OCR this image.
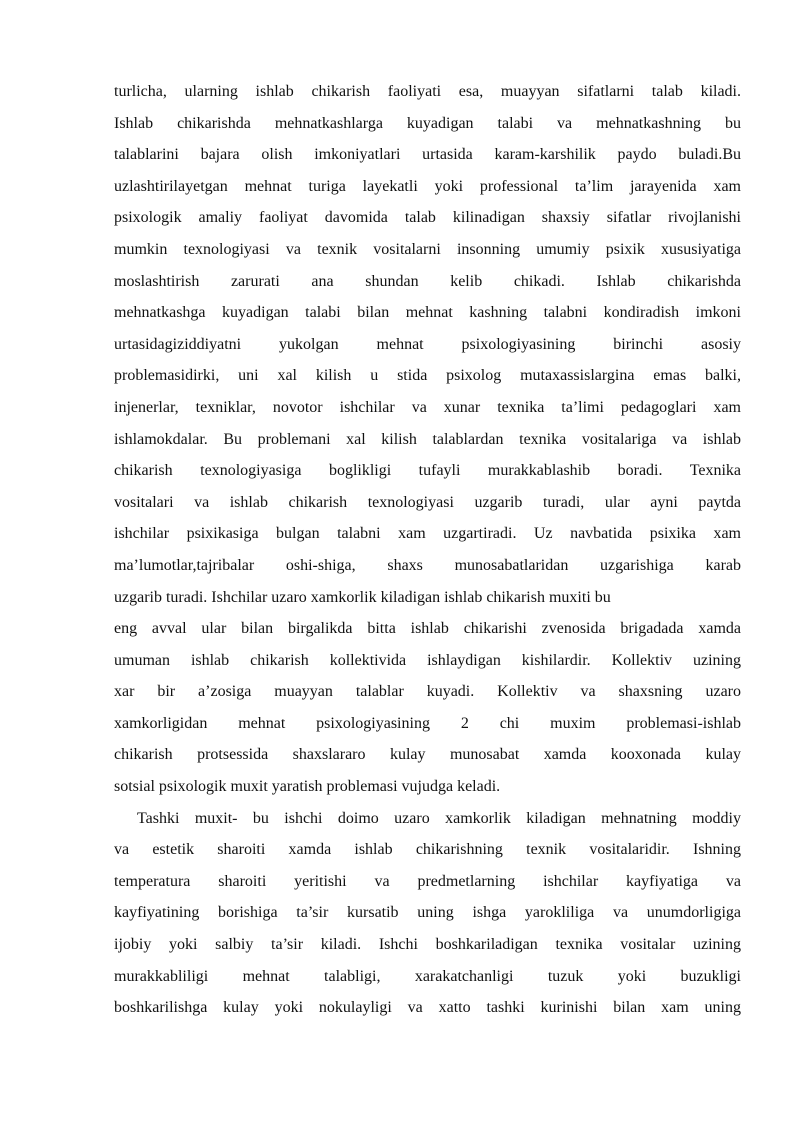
turlicha, ularning ishlab chikarish faoliyati esa, muayyan sifatlarni talab kiladi.
Ishlab chikarishda mehnatkashlarga kuyadigan talabi va mehnatkashning bu
talablarini bajara olish imkoniyatlari urtasida karam-karshilik paydo buladi.Bu
uzlashtirilayetgan mehnat turiga layekatli yoki professional ta’lim jarayenida xam
psixologik amaliy faoliyat davomida talab kilinadigan shaxsiy sifatlar rivojlanishi
mumkin texnologiyasi va texnik vositalarni insonning umumiy psixik xususiyatiga
moslashtirish zarurati ana shundan kelib chikadi. Ishlab chikarishda
mehnatkashga kuyadigan talabi bilan mehnat kashning talabni kondiradish imkoni
urtasidagiziddiyatni yukolgan mehnat psixologiyasining birinchi asosiy
problemasidirki, uni xal kilish u stida psixolog mutaxassislargina emas balki,
injenerlar, texniklar, novotor ishchilar va xunar texnika ta’limi pedagoglari xam
ishlamokdalar. Bu problemani xal kilish talablardan texnika vositalariga va ishlab
chikarish texnologiyasiga boglikligi tufayli murakkablashib boradi. Texnika
vositalari va ishlab chikarish texnologiyasi uzgarib turadi, ular ayni paytda
ishchilar psixikasiga bulgan talabni xam uzgartiradi. Uz navbatida psixika xam
ma’lumotlar,tajribalar oshi-shiga, shaxs munosabatlaridan uzgarishiga karab
uzgarib turadi. Ishchilar uzaro xamkorlik kiladigan ishlab chikarish muxiti bu
eng avval ular bilan birgalikda bitta ishlab chikarishi zvenosida brigadada xamda
umuman ishlab chikarish kollektivida ishlaydigan kishilardir. Kollektiv uzining
xar bir a’zosiga muayyan talablar kuyadi. Kollektiv va shaxsning uzaro
xamkorligidan mehnat psixologiyasining 2 chi muxim problemasi-ishlab
chikarish protsessida shaxslararo kulay munosabat xamda kooxonada kulay
sotsial psixologik muxit yaratish problemasi vujudga keladi.
Tashki muxit- bu ishchi doimo uzaro xamkorlik kiladigan mehnatning moddiy
va estetik sharoiti xamda ishlab chikarishning texnik vositalaridir. Ishning
temperatura sharoiti yeritishi va predmetlarning ishchilar kayfiyatiga va
kayfiyatining borishiga ta’sir kursatib uning ishga yarokliliga va unumdorligiga
ijobiy yoki salbiy ta’sir kiladi. Ishchi boshkariladigan texnika vositalar uzining
murakkabliligi mehnat talabligi, xarakatchanligi tuzuk yoki buzukligi
boshkarilishga kulay yoki nokulayligi va xatto tashki kurinishi bilan xam uning
